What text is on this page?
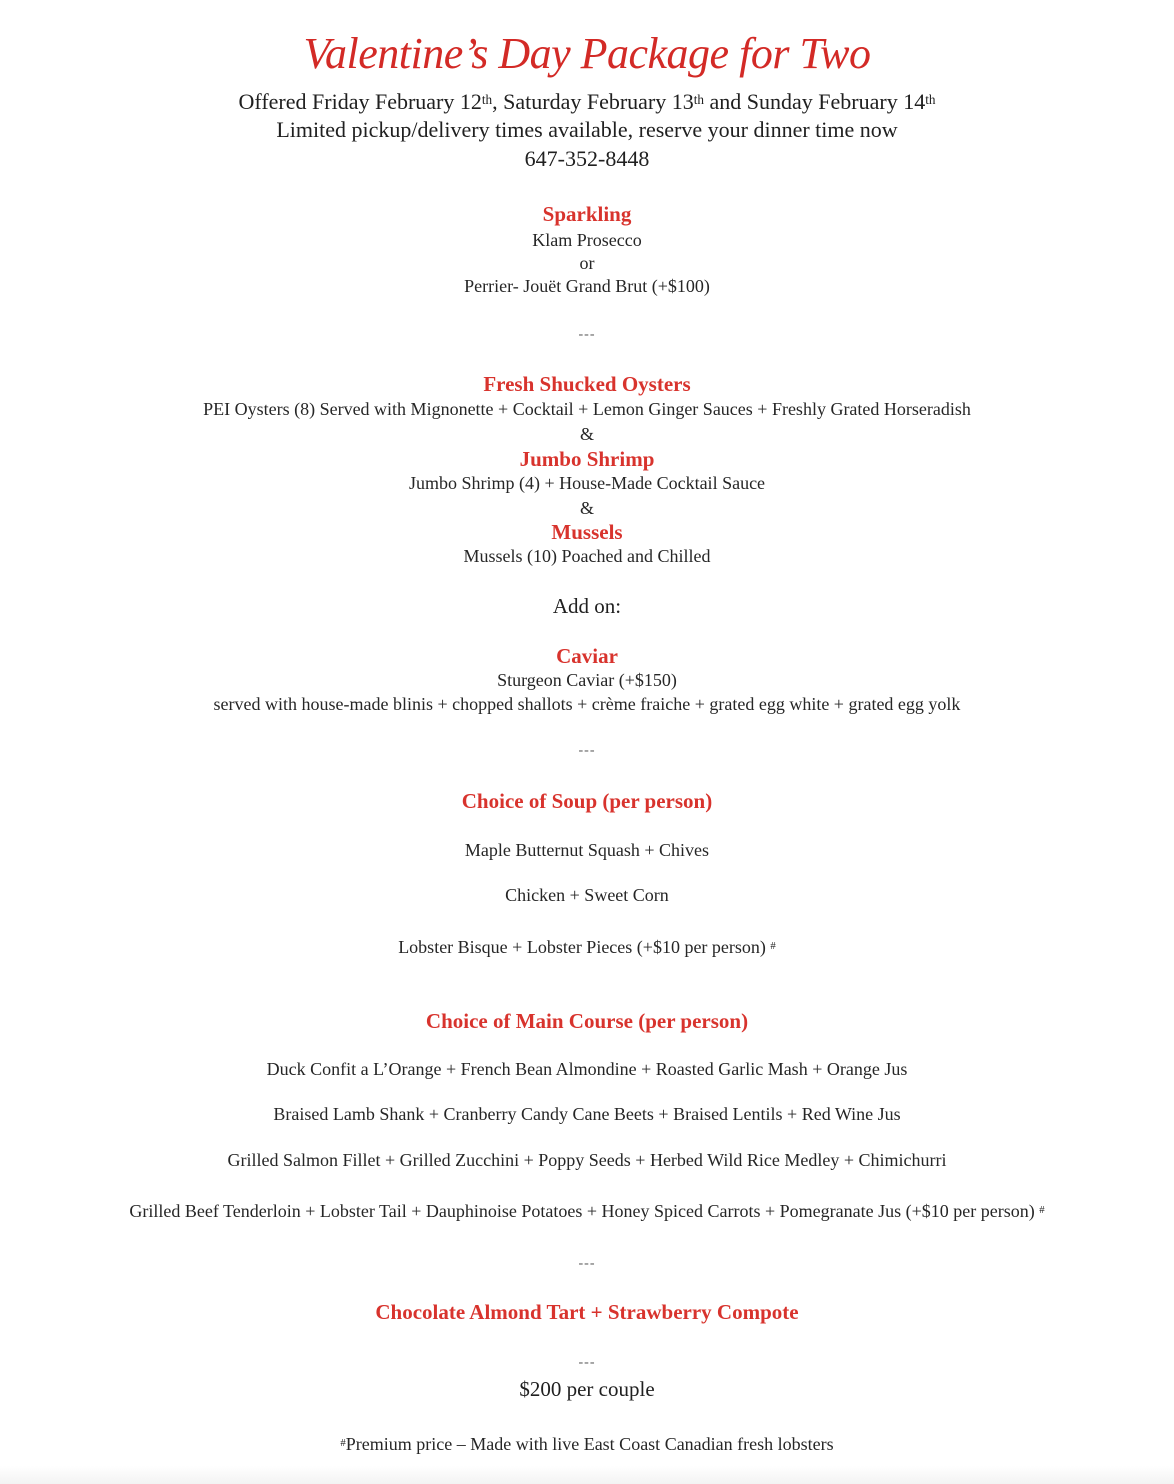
Valentine’s Day Package for Two
Offered Friday February 12th, Saturday February 13th and Sunday February 14th
Limited pickup/delivery times available, reserve your dinner time now
647-352-8448
Sparkling
Klam Prosecco
or
Perrier- Jouët Grand Brut (+$100)
---
Fresh Shucked Oysters
PEI Oysters (8) Served with Mignonette + Cocktail + Lemon Ginger Sauces + Freshly Grated Horseradish
&
Jumbo Shrimp
Jumbo Shrimp (4) + House-Made Cocktail Sauce
&
Mussels
Mussels (10) Poached and Chilled
Add on:
Caviar
Sturgeon Caviar (+$150)
served with house-made blinis + chopped shallots + crème fraiche + grated egg white + grated egg yolk
---
Choice of Soup (per person)
Maple Butternut Squash + Chives
Chicken + Sweet Corn
Lobster Bisque + Lobster Pieces (+$10 per person) #
Choice of Main Course (per person)
Duck Confit a L’Orange + French Bean Almondine + Roasted Garlic Mash + Orange Jus
Braised Lamb Shank + Cranberry Candy Cane Beets + Braised Lentils + Red Wine Jus
Grilled Salmon Fillet + Grilled Zucchini + Poppy Seeds + Herbed Wild Rice Medley + Chimichurri
Grilled Beef Tenderloin + Lobster Tail + Dauphinoise Potatoes + Honey Spiced Carrots + Pomegranate Jus (+$10 per person) #
---
Chocolate Almond Tart + Strawberry Compote
---
$200 per couple
#Premium price – Made with live East Coast Canadian fresh lobsters
